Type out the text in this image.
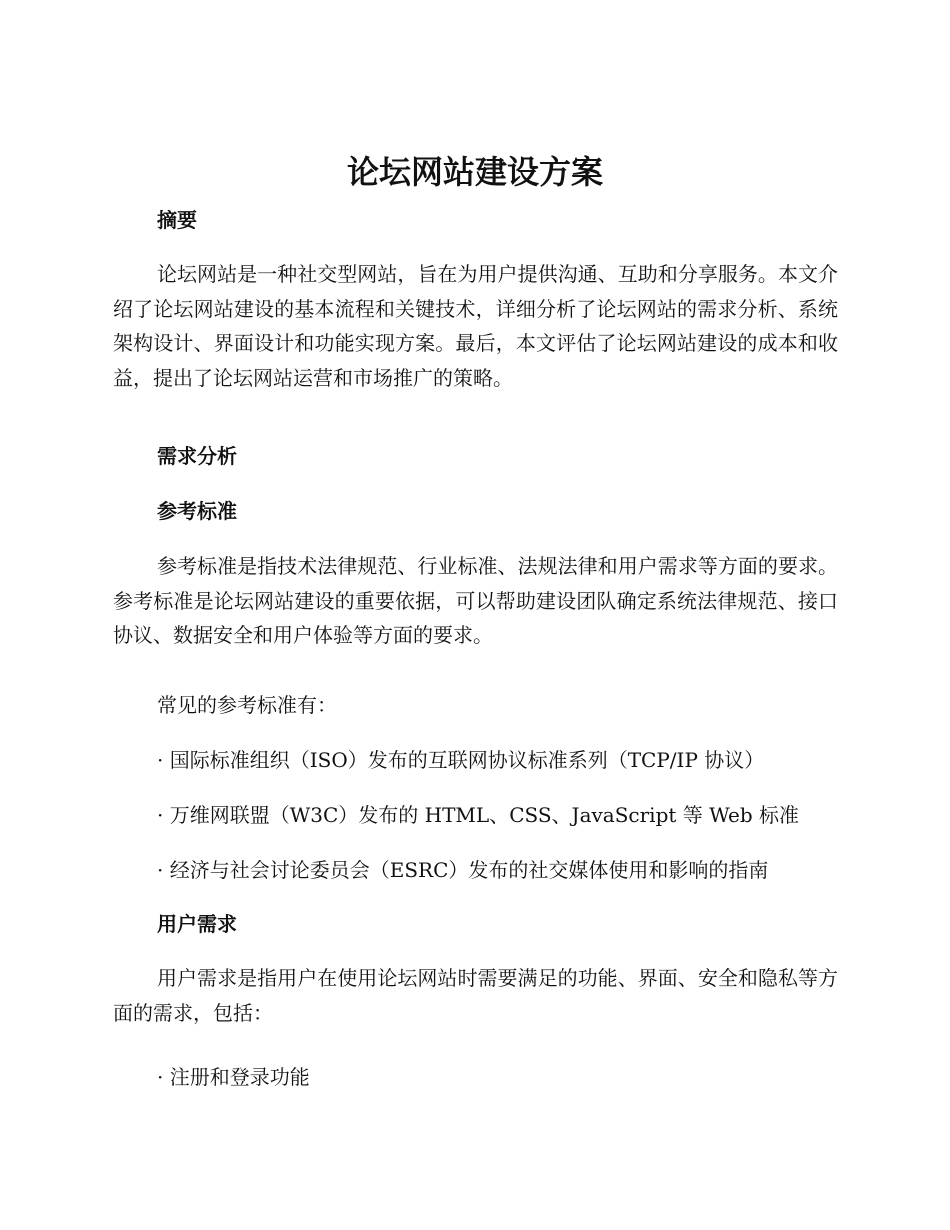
论坛网站建设方案
摘要

论坛网站是一种社交型网站，旨在为用户提供沟通、互助和分享服务。本文介绍了论坛网站建设的基本流程和关键技术，详细分析了论坛网站的需求分析、系统架构设计、界面设计和功能实现方案。最后，本文评估了论坛网站建设的成本和收益，提出了论坛网站运营和市场推广的策略。

需求分析
参考标准

参考标准是指技术法律规范、行业标准、法规法律和用户需求等方面的要求。参考标准是论坛网站建设的重要依据，可以帮助建设团队确定系统法律规范、接口协议、数据安全和用户体验等方面的要求。

常见的参考标准有：

· 国际标准组织（ISO）发布的互联网协议标准系列（TCP/IP 协议）

· 万维网联盟（W3C）发布的 HTML、CSS、JavaScript 等 Web 标准

· 经济与社会讨论委员会（ESRC）发布的社交媒体使用和影响的指南

用户需求

用户需求是指用户在使用论坛网站时需要满足的功能、界面、安全和隐私等方面的需求，包括：

· 注册和登录功能
